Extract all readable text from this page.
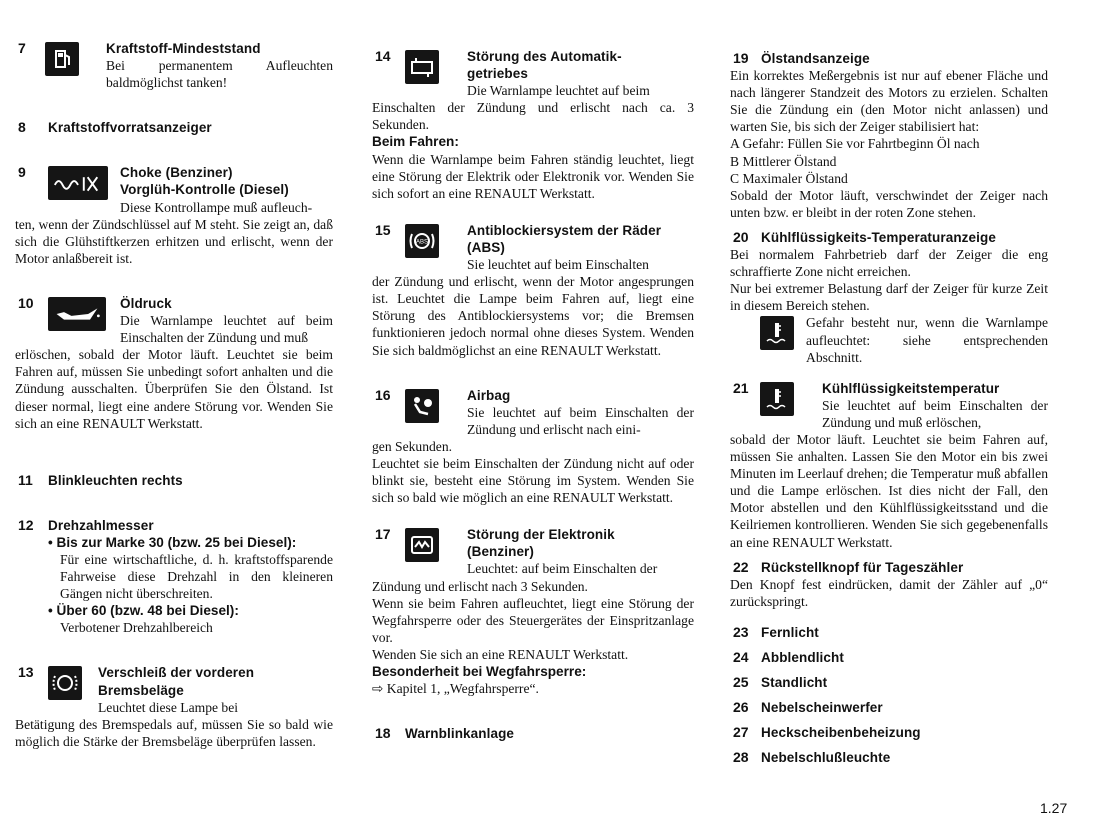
7	Kraftstoff-Mindeststand
Bei permanentem Aufleuchten baldmöglichst tanken!
8 Kraftstoffvorratsanzeiger
9	Choke (Benziner)
Vorglüh-Kontrolle (Diesel)
Diese Kontrollampe muß aufleuch-
ten, wenn der Zündschlüssel auf M steht. Sie zeigt an, daß sich die Glühstiftkerzen erhitzen und erlischt, wenn der Motor anlaßbereit ist.
10	Öldruck
Die Warnlampe leuchtet auf beim Einschalten der Zündung und muß
erlöschen, sobald der Motor läuft. Leuchtet sie beim Fahren auf, müssen Sie unbedingt sofort anhalten und die Zündung ausschalten. Überprüfen Sie den Ölstand. Ist dieser normal, liegt eine andere Störung vor. Wenden Sie sich an eine RENAULT Werkstatt.
11 Blinkleuchten rechts
12 Drehzahlmesser
• Bis zur Marke 30 (bzw. 25 bei Diesel):
Für eine wirtschaftliche, d. h. kraftstoffsparende Fahrweise diese Drehzahl in den kleineren Gängen nicht überschreiten.
• Über 60 (bzw. 48 bei Diesel):
Verbotener Drehzahlbereich
13	Verschleiß der vorderen
Bremsbeläge
Leuchtet diese Lampe bei
Betätigung des Bremspedals auf, müssen Sie so bald wie möglich die Stärke der Bremsbeläge überprüfen lassen.
14	Störung des Automatik-
getriebes
Die Warnlampe leuchtet auf beim
Einschalten der Zündung und erlischt nach ca. 3 Sekunden.
Beim Fahren:
Wenn die Warnlampe beim Fahren ständig leuchtet, liegt eine Störung der Elektrik oder Elektronik vor. Wenden Sie sich sofort an eine RENAULT Werkstatt.
15
ABS
Antiblockiersystem der Räder
(ABS)
Sie leuchtet auf beim Einschalten
der Zündung und erlischt, wenn der Motor angesprungen ist. Leuchtet die Lampe beim Fahren auf, liegt eine Störung des Antiblockiersystems vor; die Bremsen funktionieren jedoch normal ohne dieses System. Wenden Sie sich baldmöglichst an eine RENAULT Werkstatt.
16	Airbag
Sie leuchtet auf beim Einschalten der Zündung und erlischt nach eini-
gen Sekunden.
Leuchtet sie beim Einschalten der Zündung nicht auf oder blinkt sie, besteht eine Störung im System. Wenden Sie sich so bald wie möglich an eine RENAULT Werkstatt.
17	Störung der Elektronik
(Benziner)
Leuchtet: auf beim Einschalten der
Zündung und erlischt nach 3 Sekunden.
Wenn sie beim Fahren aufleuchtet, liegt eine Störung der Wegfahrsperre oder des Steuergerätes der Einspritzanlage vor.
Wenden Sie sich an eine RENAULT Werkstatt.
Besonderheit bei Wegfahrsperre:
⇨ Kapitel 1, „Wegfahrsperre“.
18 Warnblinkanlage
19 Ölstandsanzeige
Ein korrektes Meßergebnis ist nur auf ebener Fläche und nach längerer Standzeit des Motors zu erzielen. Schalten Sie die Zündung ein (den Motor nicht anlassen) und warten Sie, bis sich der Zeiger stabilisiert hat:
A Gefahr: Füllen Sie vor Fahrtbeginn Öl nach
B Mittlerer Ölstand
C Maximaler Ölstand
Sobald der Motor läuft, verschwindet der Zeiger nach unten bzw. er bleibt in der roten Zone stehen.
20 Kühlflüssigkeits-Temperaturanzeige
Bei normalem Fahrbetrieb darf der Zeiger die eng schraffierte Zone nicht erreichen.
Nur bei extremer Belastung darf der Zeiger für kurze Zeit in diesem Bereich stehen.
Gefahr besteht nur, wenn die Warnlampe aufleuchtet: siehe entsprechenden Abschnitt.
21	Kühlflüssigkeitstemperatur
Sie leuchtet auf beim Einschalten der Zündung und muß erlöschen,
sobald der Motor läuft. Leuchtet sie beim Fahren auf, müssen Sie anhalten. Lassen Sie den Motor ein bis zwei Minuten im Leerlauf drehen; die Temperatur muß abfallen und die Lampe erlöschen. Ist dies nicht der Fall, den Motor abstellen und den Kühlflüssigkeitsstand und die Keilriemen kontrollieren. Wenden Sie sich gegebenenfalls an eine RENAULT Werkstatt.
22 Rückstellknopf für Tageszähler
Den Knopf fest eindrücken, damit der Zähler auf „0“ zurückspringt.
23 Fernlicht
24 Abblendlicht
25 Standlicht
26 Nebelscheinwerfer
27 Heckscheibenbeheizung
28 Nebelschlußleuchte
1.27
